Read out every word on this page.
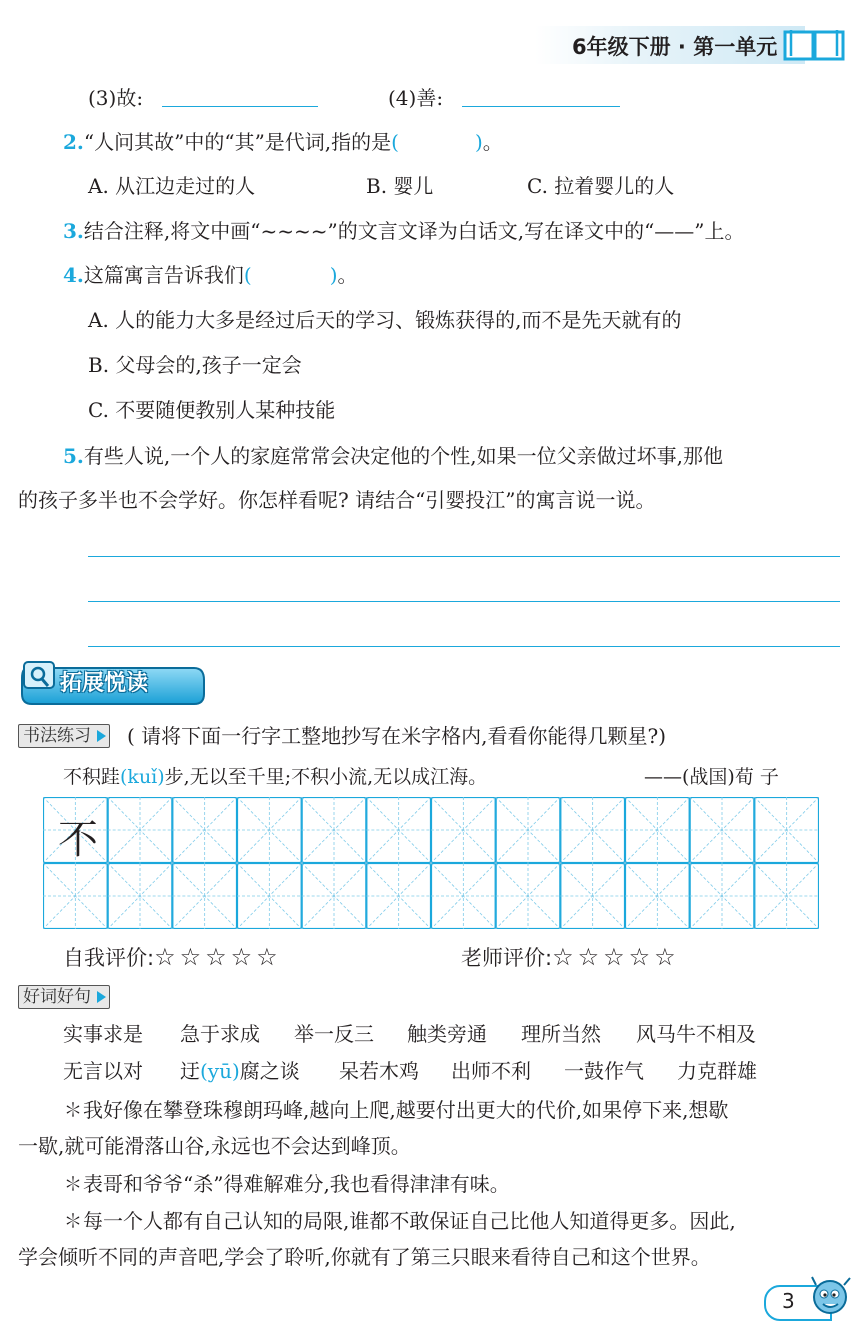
6年级下册 · 第一单元
(3)故:	(4)善:
2.“人问其故”中的“其”是代词,指的是(	)。
A. 从江边走过的人	B. 婴儿	C. 拉着婴儿的人
3.结合注释,将文中画“~~~~”的文言文译为白话文,写在译文中的“——”上。
4.这篇寓言告诉我们(	)。
A. 人的能力大多是经过后天的学习、锻炼获得的,而不是先天就有的
B. 父母会的,孩子一定会
C. 不要随便教别人某种技能
5.有些人说,一个人的家庭常常会决定他的个性,如果一位父亲做过坏事,那他
的孩子多半也不会学好。你怎样看呢? 请结合“引婴投江”的寓言说一说。
拓展悦读
书法练习	( 请将下面一行字工整地抄写在米字格内,看看你能得几颗星?)
不积跬(kuǐ)步,无以至千里;不积小流,无以成江海。	——(战国)荀 子
不
自我评价:☆☆☆☆☆	老师评价:☆☆☆☆☆
好词好句
实事求是 急于求成 举一反三 触类旁通 理所当然 风马牛不相及
无言以对 迂(yū)腐之谈 呆若木鸡 出师不利 一鼓作气 力克群雄
✽我好像在攀登珠穆朗玛峰,越向上爬,越要付出更大的代价,如果停下来,想歇
一歇,就可能滑落山谷,永远也不会达到峰顶。
✽表哥和爷爷“杀”得难解难分,我也看得津津有味。
✽每一个人都有自己认知的局限,谁都不敢保证自己比他人知道得更多。因此,
学会倾听不同的声音吧,学会了聆听,你就有了第三只眼来看待自己和这个世界。
3
